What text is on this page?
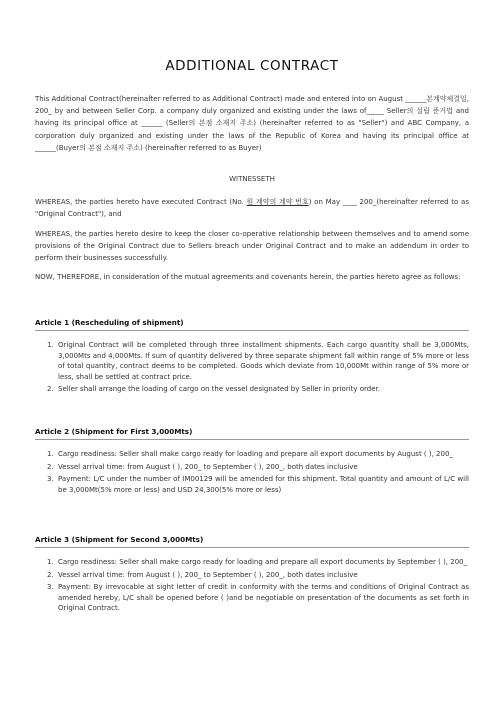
ADDITIONAL CONTRACT
This Additional Contract(hereinafter referred to as Additional Contract) made and entered into on August ______본계약체결일, 200_ by and between Seller Corp. a company duly organized and existing under the laws of_____ Seller의 설립 준거법 and having its principal office at ______ (Seller의 본점 소재지 주소) (hereinafter referred to as "Seller") and ABC Company, a corporation duly organized and existing under the laws of the Republic of Korea and having its principal office at ______(Buyer의 본점 소재지 주소) (hereinafter referred to as Buyer)
WITNESSETH
WHEREAS, the parties hereto have executed Contract (No. 원 계약의 계약 번호) on May ____ 200_(hereinafter referred to as "Original Contract"), and
WHEREAS, the parties hereto desire to keep the closer co-operative relationship between themselves and to amend some provisions of the Original Contract due to Sellers breach under Original Contract and to make an addendum in order to perform their businesses successfully.
NOW, THEREFORE, in consideration of the mutual agreements and covenants herein, the parties hereto agree as follows:
Article 1 (Rescheduling of shipment)
1. Original Contract will be completed through three installment shipments. Each cargo quantity shall be 3,000Mts, 3,000Mts and 4,000Mts. If sum of quantity delivered by three separate shipment fall within range of 5% more or less of total quantity, contract deems to be completed. Goods which deviate from 10,000Mt within range of 5% more or less, shall be settled at contract price.
2. Seller shall arrange the loading of cargo on the vessel designated by Seller in priority order.
Article 2 (Shipment for First 3,000Mts)
1. Cargo readiness: Seller shall make cargo ready for loading and prepare all export documents by August ( ), 200_
2. Vessel arrival time: from August ( ), 200_ to September ( ), 200_, both dates inclusive
3. Payment: L/C under the number of IM00129 will be amended for this shipment. Total quantity and amount of L/C will be 3,000Mt(5% more or less) and USD 24,300(5% more or less)
Article 3 (Shipment for Second 3,000Mts)
1. Cargo readiness: Seller shall make cargo ready for loading and prepare all export documents by September ( ), 200_
2. Vessel arrival time: from August ( ), 200_ to September ( ), 200_, both dates inclusive
3. Payment: By irrevocable at sight letter of credit in conformity with the terms and conditions of Original Contract as amended hereby, L/C shall be opened before ( )and be negotiable on presentation of the documents as set forth in Original Contract.
